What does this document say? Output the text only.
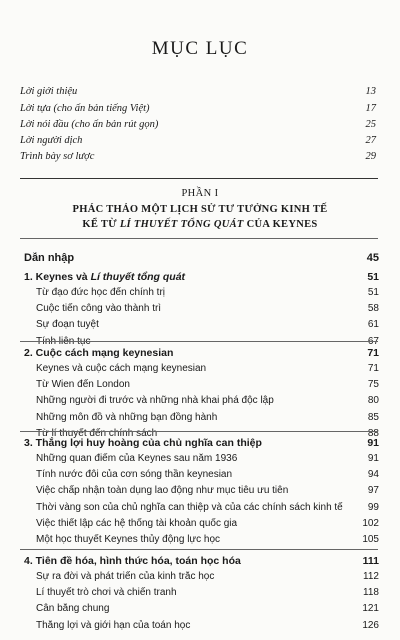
MỤC LỤC
Lời giới thiệu	13
Lời tựa (cho ấn bản tiếng Việt)	17
Lời nói đầu (cho ấn bản rút gọn)	25
Lời người dịch	27
Trình bày sơ lược	29
PHẦN I
PHÁC THẢO MỘT LỊCH SỬ TƯ TƯỞNG KINH TẾ
KỂ TỪ LÍ THUYẾT TỔNG QUÁT CỦA KEYNES
Dẫn nhập	45
1. Keynes và Lí thuyết tổng quát	51
Từ đạo đức học đến chính trị	51
Cuộc tiến công vào thành trì	58
Sự đoạn tuyệt	61
Tính liên tục	67
2. Cuộc cách mạng keynesian	71
Keynes và cuộc cách mạng keynesian	71
Từ Wien đến London	75
Những người đi trước và những nhà khai phá độc lập	80
Những môn đồ và những bạn đồng hành	85
Từ lí thuyết đến chính sách	88
3. Thắng lợi huy hoàng của chủ nghĩa can thiệp	91
Những quan điểm của Keynes sau năm 1936	91
Tính nước đôi của cơn sóng thần keynesian	94
Việc chấp nhận toàn dụng lao động như mục tiêu ưu tiên	97
Thời vàng son của chủ nghĩa can thiệp và của các chính sách kinh tế	99
Việc thiết lập các hệ thống tài khoản quốc gia	102
Một học thuyết Keynes thủy động lực học	105
4. Tiên đề hóa, hình thức hóa, toán học hóa	111
Sự ra đời và phát triển của kinh trắc học	112
Lí thuyết trò chơi và chiến tranh	118
Cân bằng chung	121
Thắng lợi và giới hạn của toán học	126
